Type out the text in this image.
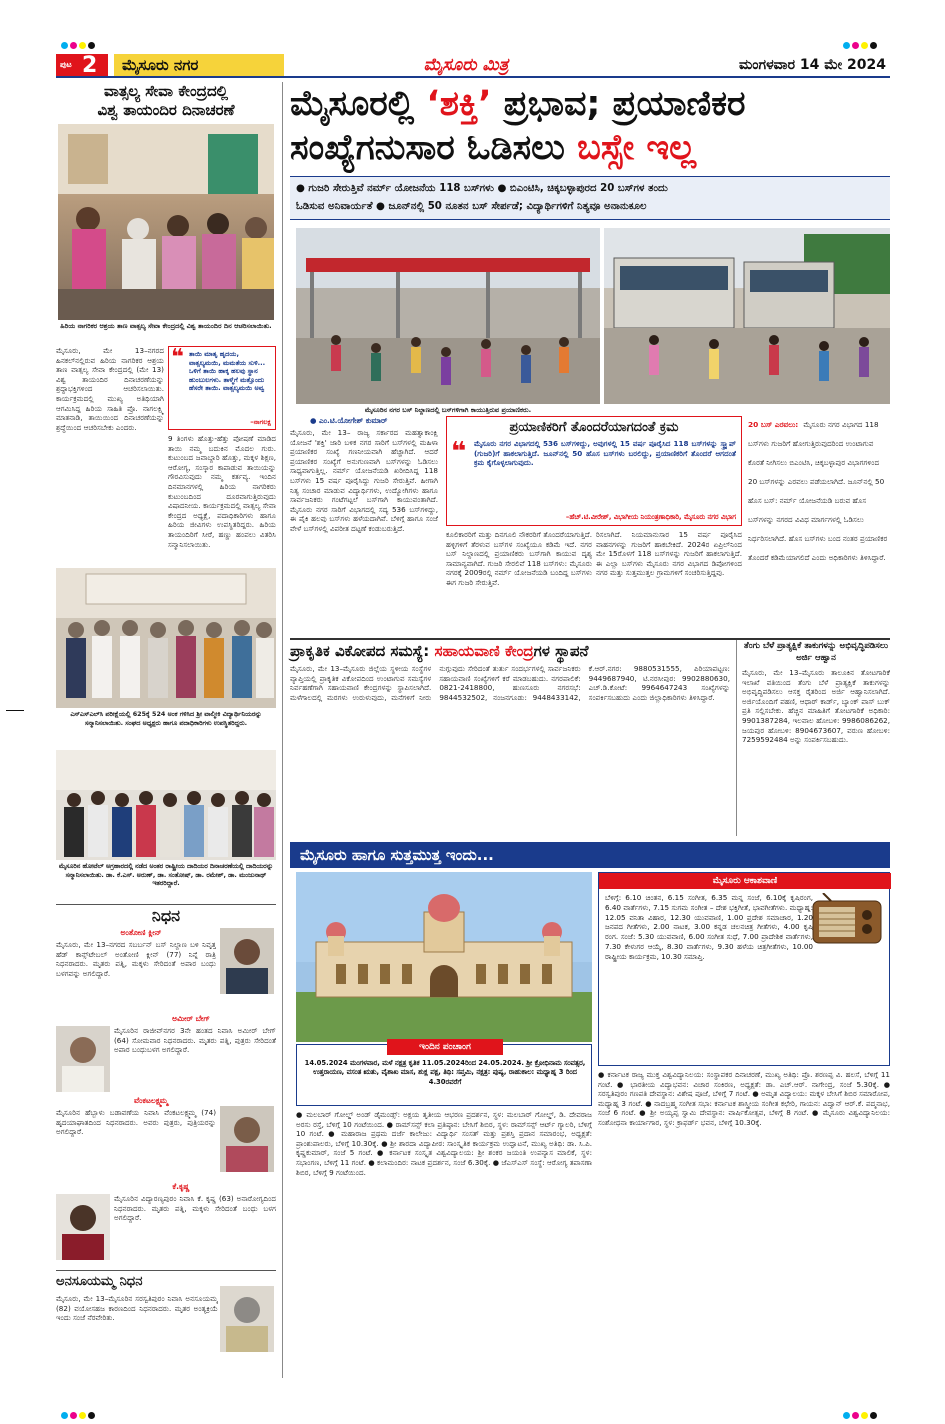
ಪುಟ 2	ಮೈಸೂರು ನಗರ	ಮೈಸೂರು ಮಿತ್ರ	ಮಂಗಳವಾರ 14 ಮೇ 2024
ವಾತ್ಸಲ್ಯ ಸೇವಾ ಕೇಂದ್ರದಲ್ಲಿ
ವಿಶ್ವ ತಾಯಂದಿರ ದಿನಾಚರಣೆ
ಹಿರಿಯ ನಾಗರಿಕರ ಆಶ್ರಯ ತಾಣ ವಾತ್ಸಲ್ಯ ಸೇವಾ ಕೇಂದ್ರದಲ್ಲಿ ವಿಶ್ವ ತಾಯಂದಿರ ದಿನ ಆಚರಿಸಲಾಯಿತು.
ಮೈಸೂರು, ಮೇ 13–ನಗರದ ಹಿನಕಲ್‌ನಲ್ಲಿರುವ ಹಿರಿಯ ನಾಗರಿಕರ ಆಶ್ರಯ ತಾಣ ವಾತ್ಸಲ್ಯ ಸೇವಾ ಕೇಂದ್ರದಲ್ಲಿ (ಮೇ 13) ವಿಶ್ವ ತಾಯಂದಿರ ದಿನಾಚರಣೆಯನ್ನು ಶ್ರದ್ಧಾಭಕ್ತಿಗಳಿಂದ ಆಚರಿಸಲಾಯಿತು. ಕಾರ್ಯಕ್ರಮದಲ್ಲಿ ಮುಖ್ಯ ಅತಿಥಿಯಾಗಿ ಆಗಮಿಸಿದ್ದ ಹಿರಿಯ ಸಾಹಿತಿ ಪ್ರೊ. ನಾಗಲಕ್ಷ್ಮಿ ಮಾತನಾಡಿ, ತಾಯಿಯಿಂದ ದಿನಾಚರಣೆಯನ್ನು ಶ್ರದ್ಧೆಯಿಂದ ಆಚರಿಸಬೇಕು ಎಂದರು.
❝ ತಾಯಿ ಮಾತೃ ಹೃದಯ, ವಾತ್ಸಲ್ಯಮಯಿ, ಮಮತೆಯ ಸುಳಿ... ಒಳಿಗೆ ತಾಯಿ ಹಾಕ್ಕ ಹಲವು ಸ್ಥಾನ ಹುಂಬುಲಗಳು. ತಾಳ್ಮೆಗೆ ಮತ್ತೊಂದು ಹೆಸರೇ ತಾಯಿ. ವಾತ್ಸಲ್ಯಮಯಿ ಅವ್ವ
–ನಾಗಲಕ್ಷ
9 ತಿಂಗಳು ಹೊತ್ತು-ಹೆತ್ತು ಪೋಷಣೆ ಮಾಡಿದ ತಾಯಿ ನಮ್ಮ ಬದುಕಿನ ಮೊದಲ ಗುರು. ಕುಟುಂಬದ ಜವಾಬ್ದಾರಿ ಹೊತ್ತು, ಮಕ್ಕಳ ಶಿಕ್ಷಣ, ಆರೋಗ್ಯ, ಸಂಸ್ಕಾರ ಕಾಪಾಡುವ ತಾಯಿಯನ್ನು ಗೌರವಿಸುವುದು ನಮ್ಮ ಕರ್ತವ್ಯ. ಇಂದಿನ ದಿನಮಾನಗಳಲ್ಲಿ ಹಿರಿಯ ನಾಗರಿಕರು ಕುಟುಂಬದಿಂದ ದೂರವಾಗುತ್ತಿರುವುದು ವಿಷಾದನೀಯ. ಕಾರ್ಯಕ್ರಮದಲ್ಲಿ ವಾತ್ಸಲ್ಯ ಸೇವಾ ಕೇಂದ್ರದ ಅಧ್ಯಕ್ಷೆ, ಪದಾಧಿಕಾರಿಗಳು ಹಾಗೂ ಹಿರಿಯ ಜೀವಿಗಳು ಉಪಸ್ಥಿತರಿದ್ದರು. ಹಿರಿಯ ತಾಯಂದಿರಿಗೆ ಸೀರೆ, ಹಣ್ಣು ಹಂಪಲು ವಿತರಿಸಿ ಸನ್ಮಾನಿಸಲಾಯಿತು.
ಎಸ್‌ಎಸ್‌ಎಲ್‌ಸಿ ಪರೀಕ್ಷೆಯಲ್ಲಿ 625ಕ್ಕೆ 524 ಅಂಕ ಗಳಿಸಿದ ಶ್ರೀ ವಾಲ್ಮೀಕಿ ವಿದ್ಯಾರ್ಥಿನಿಯರನ್ನು ಸನ್ಮಾನಿಸಲಾಯಿತು. ಸಂಘದ ಅಧ್ಯಕ್ಷರು ಹಾಗೂ ಪದಾಧಿಕಾರಿಗಳು ಉಪಸ್ಥಿತರಿದ್ದರು.
ಮೈಸೂರಿನ ಹೋಟೆಲ್ ಅಗ್ರಹಾರದಲ್ಲಿ ನಡೆದ ಅಂತರ ರಾಷ್ಟ್ರೀಯ ದಾದಿಯರ ದಿನಾಚರಣೆಯಲ್ಲಿ ದಾದಿಯರನ್ನು ಸನ್ಮಾನಿಸಲಾಯಿತು. ಡಾ. ಕೆ.ಎಸ್. ಅರುಣ್, ಡಾ. ಸಂತೋಷ್, ಡಾ. ರಮೇಶ್, ಡಾ. ಮಂಜುನಾಥ್ ಇತರರಿದ್ದಾರೆ.
ನಿಧನ
ಅಂತೋಣಿ ಕ್ಲೀನ್
ಮೈಸೂರು, ಮೇ 13–ನಗರದ ಸಬರ್ಬನ್ ಬಸ್ ನಿಲ್ದಾಣ ಬಳಿ ನಿವೃತ್ತ ಹೆಡ್ ಕಾನ್ಸ್‌ಟೇಬಲ್ ಅಂತೋಣಿ ಕ್ಲೀನ್ (77) ನಿನ್ನೆ ರಾತ್ರಿ ನಿಧನರಾದರು. ಮೃತರು ಪತ್ನಿ, ಮಕ್ಕಳು ಸೇರಿದಂತೆ ಅಪಾರ ಬಂಧು ಬಳಗವನ್ನು ಅಗಲಿದ್ದಾರೆ.
ಅಮೀರ್ ಬೇಗ್
ಮೈಸೂರಿನ ರಾಜೀವ್‌ನಗರ 3ನೇ ಹಂತದ ನಿವಾಸಿ ಅಮೀರ್ ಬೇಗ್ (64) ಸೋಮವಾರ ನಿಧನರಾದರು. ಮೃತರು ಪತ್ನಿ, ಪುತ್ರರು ಸೇರಿದಂತೆ ಅಪಾರ ಬಂಧುಬಳಗ ಅಗಲಿದ್ದಾರೆ.
ವೆಂಕಟಲಕ್ಷ್ಮಮ್ಮ
ಮೈಸೂರಿನ ಹೆಬ್ಬಾಳು ಬಡಾವಣೆಯ ನಿವಾಸಿ ವೆಂಕಟಲಕ್ಷ್ಮಮ್ಮ (74) ಹೃದಯಾಘಾತದಿಂದ ನಿಧನರಾದರು. ಅವರು ಪುತ್ರರು, ಪುತ್ರಿಯರನ್ನು ಅಗಲಿದ್ದಾರೆ.
ಕೆ.ಕೃಷ್ಣ
ಮೈಸೂರಿನ ವಿದ್ಯಾರಣ್ಯಪುರಂ ನಿವಾಸಿ ಕೆ. ಕೃಷ್ಣ (63) ಅನಾರೋಗ್ಯದಿಂದ ನಿಧನರಾದರು. ಮೃತರು ಪತ್ನಿ, ಮಕ್ಕಳು ಸೇರಿದಂತೆ ಬಂಧು ಬಳಗ ಅಗಲಿದ್ದಾರೆ.
ಅನಸೂಯಮ್ಮ ನಿಧನ
ಮೈಸೂರು, ಮೇ 13–ಮೈಸೂರಿನ ಸರಸ್ವತಿಪುರಂ ನಿವಾಸಿ ಅನಸೂಯಮ್ಮ (82) ವಯೋಸಹಜ ಕಾರಣದಿಂದ ನಿಧನರಾದರು. ಮೃತರ ಅಂತ್ಯಕ್ರಿಯೆ ಇಂದು ಸಂಜೆ ನೆರವೇರಿತು.
ಮೈಸೂರಲ್ಲಿ ‘ಶಕ್ತಿ’ ಪ್ರಭಾವ; ಪ್ರಯಾಣಿಕರ
ಸಂಖ್ಯೆಗನುಸಾರ ಓಡಿಸಲು ಬಸ್ಸೇ ಇಲ್ಲ
● ಗುಜರಿ ಸೇರುತ್ತಿವೆ ನರ್ಮ್ ಯೋಜನೆಯ 118 ಬಸ್‌ಗಳು ● ಬಿಎಂಟಿಸಿ, ಚಿಕ್ಕಬಳ್ಳಾಪುರದ 20 ಬಸ್‌ಗಳ ತಂದು
ಓಡಿಸುವ ಅನಿವಾರ್ಯತೆ ● ಜೂನ್‌ನಲ್ಲಿ 50 ನೂತನ ಬಸ್ ಸೇರ್ಪಡೆ; ವಿದ್ಯಾರ್ಥಿಗಳಿಗೆ ನಿತ್ಯವೂ ಅನಾನುಕೂಲ
ಮೈಸೂರಿನ ನಗರ ಬಸ್ ನಿಲ್ದಾಣದಲ್ಲಿ ಬಸ್‌ಗಳಿಗಾಗಿ ಕಾಯುತ್ತಿರುವ ಪ್ರಯಾಣಿಕರು.
● ಎಂ.ಟಿ.ಯೋಗೇಶ್ ಕುಮಾರ್
ಮೈಸೂರು, ಮೇ 13– ರಾಜ್ಯ ಸರ್ಕಾರದ ಮಹತ್ವಾಕಾಂಕ್ಷಿ ಯೋಜನೆ 'ಶಕ್ತಿ' ಜಾರಿ ಬಳಿಕ ನಗರ ಸಾರಿಗೆ ಬಸ್‌ಗಳಲ್ಲಿ ಮಹಿಳಾ ಪ್ರಯಾಣಿಕರ ಸಂಖ್ಯೆ ಗಣನೀಯವಾಗಿ ಹೆಚ್ಚಾಗಿದೆ. ಆದರೆ ಪ್ರಯಾಣಿಕರ ಸಂಖ್ಯೆಗೆ ಅನುಗುಣವಾಗಿ ಬಸ್‌ಗಳನ್ನು ಓಡಿಸಲು ಸಾಧ್ಯವಾಗುತ್ತಿಲ್ಲ. ನರ್ಮ್ ಯೋಜನೆಯಡಿ ಖರೀದಿಸಿದ್ದ 118 ಬಸ್‌ಗಳು 15 ವರ್ಷ ಪೂರೈಸಿದ್ದು ಗುಜರಿ ಸೇರುತ್ತಿವೆ. ಹೀಗಾಗಿ ನಿತ್ಯ ಸಂಚಾರ ಮಾಡುವ ವಿದ್ಯಾರ್ಥಿಗಳು, ಉದ್ಯೋಗಿಗಳು ಹಾಗೂ ಸಾರ್ವಜನಿಕರು ಗಂಟೆಗಟ್ಟಲೆ ಬಸ್‌ಗಾಗಿ ಕಾಯುವಂತಾಗಿದೆ. ಮೈಸೂರು ನಗರ ಸಾರಿಗೆ ವಿಭಾಗದಲ್ಲಿ ಸದ್ಯ 536 ಬಸ್‌ಗಳಿದ್ದು, ಈ ಪೈಕಿ ಹಲವು ಬಸ್‌ಗಳು ಹಳೆಯದಾಗಿವೆ. ಬೆಳಿಗ್ಗೆ ಹಾಗೂ ಸಂಜೆ ವೇಳೆ ಬಸ್‌ಗಳಲ್ಲಿ ವಿಪರೀತ ದಟ್ಟಣೆ ಕಂಡುಬರುತ್ತಿದೆ.
❝
ಪ್ರಯಾಣಿಕರಿಗೆ ತೊಂದರೆಯಾಗದಂತೆ ಕ್ರಮ
ಮೈಸೂರು ನಗರ ವಿಭಾಗದಲ್ಲಿ 536 ಬಸ್‌ಗಳಿದ್ದು, ಅವುಗಳಲ್ಲಿ 15 ವರ್ಷ ಪೂರೈಸಿದ 118 ಬಸ್‌ಗಳನ್ನು ಸ್ಕ್ರ್ಯಾಪ್ (ಗುಜರಿ)ಗೆ ಹಾಕಲಾಗುತ್ತಿದೆ. ಜೂನ್‌ನಲ್ಲಿ 50 ಹೊಸ ಬಸ್‌ಗಳು ಬರಲಿದ್ದು, ಪ್ರಯಾಣಿಕರಿಗೆ ತೊಂದರೆ ಆಗದಂತೆ ಕ್ರಮ ಕೈಗೊಳ್ಳಲಾಗುವುದು.
–ಹೆಚ್.ಟಿ.ವೀರೇಶ್, ವಿಭಾಗೀಯ ನಿಯಂತ್ರಣಾಧಿಕಾರಿ, ಮೈಸೂರು ನಗರ ವಿಭಾಗ
ಕೂಲಿಕಾರರಿಗೆ ಮತ್ತು ದಿನಗೂಲಿ ನೌಕರರಿಗೆ ತೊಂದರೆಯಾಗುತ್ತಿದೆ. ಹಳ್ಳಿಗಳಿಗೆ ತೆರಳುವ ಬಸ್‌ಗಳ ಸಂಖ್ಯೆಯೂ ಕಡಿಮೆ ಇದೆ. ನಗರ ಬಸ್ ನಿಲ್ದಾಣದಲ್ಲಿ ಪ್ರಯಾಣಿಕರು ಬಸ್‌ಗಾಗಿ ಕಾಯುವ ದೃಶ್ಯ ಸಾಮಾನ್ಯವಾಗಿದೆ. ಗುಜರಿ ಸೇರಲಿವೆ 118 ಬಸ್‌ಗಳು: ಮೈಸೂರು ನಗರಕ್ಕೆ 2009ರಲ್ಲಿ ನರ್ಮ್ ಯೋಜನೆಯಡಿ ಬಂದಿದ್ದ ಬಸ್‌ಗಳು ಈಗ ಗುಜರಿ ಸೇರುತ್ತಿವೆ.
ರಿಸಲಾಗಿದೆ. ನಿಯಮಾನುಸಾರ 15 ವರ್ಷ ಪೂರೈಸಿದ ವಾಹನಗಳನ್ನು ಗುಜರಿಗೆ ಹಾಕಬೇಕಿದೆ. 2024ರ ಏಪ್ರಿಲ್‌ನಿಂದ ಮೇ 15ರೊಳಗೆ 118 ಬಸ್‌ಗಳನ್ನು ಗುಜರಿಗೆ ಹಾಕಲಾಗುತ್ತಿದೆ. ಈ ಎಲ್ಲಾ ಬಸ್‌ಗಳು ಮೈಸೂರು ನಗರ ವಿಭಾಗದ ಡಿಪೋಗಳಿಂದ ನಗರ ಮತ್ತು ಸುತ್ತಮುತ್ತಲ ಗ್ರಾಮಗಳಿಗೆ ಸಂಚರಿಸುತ್ತಿದ್ದವು.
20 ಬಸ್ ಎರವಲು: ಮೈಸೂರು ನಗರ ವಿಭಾಗದ 118 ಬಸ್‌ಗಳು ಗುಜರಿಗೆ ಹೋಗುತ್ತಿರುವುದರಿಂದ ಉಂಟಾಗುವ ಕೊರತೆ ನೀಗಿಸಲು ಬಿಎಂಟಿಸಿ, ಚಿಕ್ಕಬಳ್ಳಾಪುರ ವಿಭಾಗಗಳಿಂದ 20 ಬಸ್‌ಗಳನ್ನು ಎರವಲು ಪಡೆಯಲಾಗಿದೆ. ಜೂನ್‌ನಲ್ಲಿ 50 ಹೊಸ ಬಸ್: ನರ್ಮ್ ಯೋಜನೆಯಡಿ ಬರುವ ಹೊಸ ಬಸ್‌ಗಳನ್ನು ನಗರದ ವಿವಿಧ ಮಾರ್ಗಗಳಲ್ಲಿ ಓಡಿಸಲು ನಿರ್ಧರಿಸಲಾಗಿದೆ. ಹೊಸ ಬಸ್‌ಗಳು ಬಂದ ನಂತರ ಪ್ರಯಾಣಿಕರ ತೊಂದರೆ ಕಡಿಮೆಯಾಗಲಿದೆ ಎಂದು ಅಧಿಕಾರಿಗಳು ತಿಳಿಸಿದ್ದಾರೆ.
ಪ್ರಾಕೃತಿಕ ವಿಕೋಪದ ಸಮಸ್ಯೆ: ಸಹಾಯವಾಣಿ ಕೇಂದ್ರಗಳ ಸ್ಥಾಪನೆ
ಮೈಸೂರು, ಮೇ 13–ಮೈಸೂರು ಜಿಲ್ಲೆಯ ಸ್ಥಳೀಯ ಸಂಸ್ಥೆಗಳ ವ್ಯಾಪ್ತಿಯಲ್ಲಿ ಪ್ರಾಕೃತಿಕ ವಿಕೋಪದಿಂದ ಉಂಟಾಗುವ ಸಮಸ್ಯೆಗಳ ನಿರ್ವಹಣೆಗಾಗಿ ಸಹಾಯವಾಣಿ ಕೇಂದ್ರಗಳನ್ನು ಸ್ಥಾಪಿಸಲಾಗಿದೆ. ಮಳೆಗಾಲದಲ್ಲಿ ಮರಗಳು ಉರುಳುವುದು, ಮನೆಗಳಿಗೆ ನೀರು ನುಗ್ಗುವುದು ಸೇರಿದಂತೆ ತುರ್ತು ಸಂದರ್ಭಗಳಲ್ಲಿ ಸಾರ್ವಜನಿಕರು ಸಹಾಯವಾಣಿ ಸಂಖ್ಯೆಗಳಿಗೆ ಕರೆ ಮಾಡಬಹುದು. ನಗರಪಾಲಿಕೆ: 0821-2418800, ಹುಣಸೂರು ನಗರಸಭೆ: 9844532502, ನಂಜನಗೂಡು: 9448433142, ಕೆ.ಆರ್.ನಗರ: 9880531555, ಪಿರಿಯಾಪಟ್ಟಣ: 9449687940, ಟಿ.ನರಸೀಪುರ: 9902880630, ಎಚ್.ಡಿ.ಕೋಟೆ: 9964647243 ಸಂಖ್ಯೆಗಳನ್ನು ಸಂಪರ್ಕಿಸಬಹುದು ಎಂದು ಜಿಲ್ಲಾಧಿಕಾರಿಗಳು ತಿಳಿಸಿದ್ದಾರೆ.
ತೆಂಗು ಬೆಳೆ ಪ್ರಾತ್ಯಕ್ಷಿಕೆ ತಾಕುಗಳನ್ನು ಅಭಿವೃದ್ಧಿಪಡಿಸಲು ಅರ್ಜಿ ಆಹ್ವಾನ
ಮೈಸೂರು, ಮೇ 13–ಮೈಸೂರು ತಾಲೂಕಿನ ತೋಟಗಾರಿಕೆ ಇಲಾಖೆ ವತಿಯಿಂದ ತೆಂಗು ಬೆಳೆ ಪ್ರಾತ್ಯಕ್ಷಿಕೆ ತಾಕುಗಳನ್ನು ಅಭಿವೃದ್ಧಿಪಡಿಸಲು ಆಸಕ್ತ ರೈತರಿಂದ ಅರ್ಜಿ ಆಹ್ವಾನಿಸಲಾಗಿದೆ. ಅರ್ಜಿಯೊಂದಿಗೆ ಪಹಣಿ, ಆಧಾರ್ ಕಾರ್ಡ್, ಬ್ಯಾಂಕ್ ಪಾಸ್ ಬುಕ್ ಪ್ರತಿ ಸಲ್ಲಿಸಬೇಕು. ಹೆಚ್ಚಿನ ಮಾಹಿತಿಗೆ ತೋಟಗಾರಿಕೆ ಅಧಿಕಾರಿ: 9901387284, ಇಲವಾಲ ಹೋಬಳಿ: 9986086262, ಜಯಪುರ ಹೋಬಳಿ: 8904673607, ವರುಣ ಹೋಬಳಿ: 7259592484 ಅನ್ನು ಸಂಪರ್ಕಿಸಬಹುದು.
ಮೈಸೂರು ಹಾಗೂ ಸುತ್ತಮುತ್ತ ಇಂದು...
ಇಂದಿನ ಪಂಚಾಂಗ
14.05.2024 ಮಂಗಳವಾರ, ಮಳೆ ನಕ್ಷತ್ರ ಕೃತಿಕ 11.05.2024ರಿಂದ 24.05.2024. ಶ್ರೀ ಕ್ರೋಧಿನಾಮ ಸಂವತ್ಸರ, ಉತ್ತರಾಯಣ, ವಸಂತ ಋತು, ವೈಶಾಖ ಮಾಸ, ಶುಕ್ಲ ಪಕ್ಷ, ತಿಥಿ: ಸಪ್ತಮಿ, ನಕ್ಷತ್ರ: ಪುಷ್ಯ, ರಾಹುಕಾಲ: ಮಧ್ಯಾಹ್ನ 3 ರಿಂದ 4.30ರವರೆಗೆ
● ಮಲಬಾರ್ ಗೋಲ್ಡ್ ಅಂಡ್ ಡೈಮಂಡ್ಸ್: ಅಕ್ಷಯ ತೃತೀಯ ಆಭರಣ ಪ್ರದರ್ಶನ, ಸ್ಥಳ: ಮಲಬಾರ್ ಗೋಲ್ಡ್, ಡಿ. ದೇವರಾಜ ಅರಸು ರಸ್ತೆ, ಬೆಳಿಗ್ಗೆ 10 ಗಂಟೆಯಿಂದ. ● ರಾಮ್‌ಸನ್ಸ್ ಕಲಾ ಪ್ರತಿಷ್ಠಾನ: ಬೇಸಿಗೆ ಶಿಬಿರ, ಸ್ಥಳ: ರಾಮ್‌ಸನ್ಸ್ ಆರ್ಟ್ ಗ್ಯಾಲರಿ, ಬೆಳಿಗ್ಗೆ 10 ಗಂಟೆ. ● ಮಹಾರಾಜ ಪ್ರಥಮ ದರ್ಜೆ ಕಾಲೇಜು: ವಿದ್ಯಾರ್ಥಿ ಸಂಸತ್ ಮತ್ತು ಪ್ರಶಸ್ತಿ ಪ್ರದಾನ ಸಮಾರಂಭ, ಅಧ್ಯಕ್ಷತೆ: ಪ್ರಾಂಶುಪಾಲರು, ಬೆಳಿಗ್ಗೆ 10.30ಕ್ಕೆ. ● ಶ್ರೀ ಶಾರದಾ ವಿದ್ಯಾಪೀಠ: ಸಾಂಸ್ಕೃತಿಕ ಕಾರ್ಯಕ್ರಮ ಉದ್ಘಾಟನೆ, ಮುಖ್ಯ ಅತಿಥಿ: ಡಾ. ಸಿ.ಪಿ. ಕೃಷ್ಣಕುಮಾರ್, ಸಂಜೆ 5 ಗಂಟೆ. ● ಕರ್ನಾಟಕ ಸಂಸ್ಕೃತ ವಿಶ್ವವಿದ್ಯಾಲಯ: ಶ್ರೀ ಶಂಕರ ಜಯಂತಿ ಉಪನ್ಯಾಸ ಮಾಲಿಕೆ, ಸ್ಥಳ: ಸಭಾಂಗಣ, ಬೆಳಿಗ್ಗೆ 11 ಗಂಟೆ. ● ಕಲಾಮಂದಿರ: ನಾಟಕ ಪ್ರದರ್ಶನ, ಸಂಜೆ 6.30ಕ್ಕೆ. ● ಜೆಎಸ್‌ಎಸ್ ಸಂಸ್ಥೆ: ಆರೋಗ್ಯ ತಪಾಸಣಾ ಶಿಬಿರ, ಬೆಳಿಗ್ಗೆ 9 ಗಂಟೆಯಿಂದ.
ಮೈಸೂರು ಆಕಾಶವಾಣಿ
ಬೆಳಿಗ್ಗೆ: 6.10 ಚಿಂತನ, 6.15 ಸಂಗೀತ, 6.35 ಮನ್ನ ಸಂಜೆ, 6.10ಕ್ಕೆ ಕೃಷಿರಂಗ, 6.40 ವಾರ್ತೆಗಳು, 7.15 ಸುಗಮ ಸಂಗೀತ – ದೇಶ ಭಕ್ತಿಗೀತೆ, ಭಾವಗೀತೆಗಳು. ಮಧ್ಯಾಹ್ನ: 12.05 ವನಿತಾ ವಿಹಾರ, 12.30 ಯುವವಾಣಿ, 1.00 ಪ್ರದೇಶ ಸಮಾಚಾರ, 1.20 ಜನಪದ ಗೀತೆಗಳು, 2.00 ನಾಟಕ, 3.00 ಕನ್ನಡ ಚಲನಚಿತ್ರ ಗೀತೆಗಳು, 4.00 ಕೃಷಿ ರಂಗ. ಸಂಜೆ: 5.30 ಯುವವಾಣಿ, 6.00 ಸಂಗೀತ ಸುಧೆ, 7.00 ಪ್ರಾದೇಶಿಕ ವಾರ್ತೆಗಳು, 7.30 ಕೇಳುಗರ ಆಯ್ಕೆ, 8.30 ವಾರ್ತೆಗಳು, 9.30 ಹಳೆಯ ಚಿತ್ರಗೀತೆಗಳು, 10.00 ರಾಷ್ಟ್ರೀಯ ಕಾರ್ಯಕ್ರಮ, 10.30 ಸಮಾಪ್ತಿ.
● ಕರ್ನಾಟಕ ರಾಜ್ಯ ಮುಕ್ತ ವಿಶ್ವವಿದ್ಯಾನಿಲಯ: ಸಂಸ್ಥಾಪಕರ ದಿನಾಚರಣೆ, ಮುಖ್ಯ ಅತಿಥಿ: ಪ್ರೊ. ಶರಣಪ್ಪ ವಿ. ಹಲಸೆ, ಬೆಳಿಗ್ಗೆ 11 ಗಂಟೆ. ● ಭಾರತೀಯ ವಿದ್ಯಾಭವನ: ವಿಚಾರ ಸಂಕಿರಣ, ಅಧ್ಯಕ್ಷತೆ: ಡಾ. ಎಚ್.ಆರ್. ನಾಗೇಂದ್ರ, ಸಂಜೆ 5.30ಕ್ಕೆ. ● ಸರಸ್ವತಿಪುರಂ ಗಣಪತಿ ದೇವಸ್ಥಾನ: ವಿಶೇಷ ಪೂಜೆ, ಬೆಳಿಗ್ಗೆ 7 ಗಂಟೆ. ● ಅಮೃತ ವಿದ್ಯಾಲಯ: ಮಕ್ಕಳ ಬೇಸಿಗೆ ಶಿಬಿರ ಸಮಾರೋಪ, ಮಧ್ಯಾಹ್ನ 3 ಗಂಟೆ. ● ನಾದಬ್ರಹ್ಮ ಸಂಗೀತ ಸಭಾ: ಕರ್ನಾಟಕ ಶಾಸ್ತ್ರೀಯ ಸಂಗೀತ ಕಛೇರಿ, ಗಾಯನ: ವಿದ್ವಾನ್ ಆರ್.ಕೆ. ಪದ್ಮನಾಭ, ಸಂಜೆ 6 ಗಂಟೆ. ● ಶ್ರೀ ಅಯ್ಯಪ್ಪ ಸ್ವಾಮಿ ದೇವಸ್ಥಾನ: ವಾರ್ಷಿಕೋತ್ಸವ, ಬೆಳಿಗ್ಗೆ 8 ಗಂಟೆ. ● ಮೈಸೂರು ವಿಶ್ವವಿದ್ಯಾನಿಲಯ: ಸಂಶೋಧನಾ ಕಾರ್ಯಾಗಾರ, ಸ್ಥಳ: ಕ್ರಾಫರ್ಡ್ ಭವನ, ಬೆಳಿಗ್ಗೆ 10.30ಕ್ಕೆ.
